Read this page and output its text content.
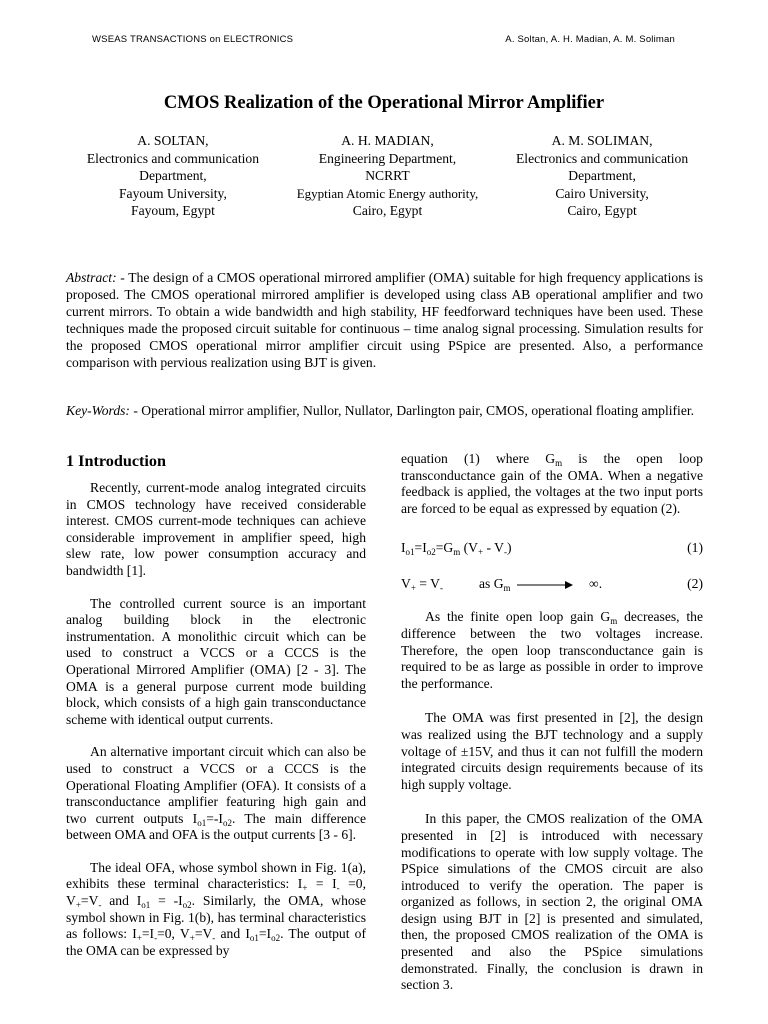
WSEAS TRANSACTIONS on ELECTRONICS	A. Soltan, A. H. Madian, A. M. Soliman
CMOS Realization of the Operational Mirror Amplifier
A. SOLTAN,
Electronics and communication
Department,
Fayoum University,
Fayoum, Egypt
A. H. MADIAN,
Engineering Department,
NCRRT
Egyptian Atomic Energy authority,
Cairo, Egypt
A. M. SOLIMAN,
Electronics and communication
Department,
Cairo University,
Cairo, Egypt
Abstract: - The design of a CMOS operational mirrored amplifier (OMA) suitable for high frequency applications is proposed. The CMOS operational mirrored amplifier is developed using class AB operational amplifier and two current mirrors. To obtain a wide bandwidth and high stability, HF feedforward techniques have been used. These techniques made the proposed circuit suitable for continuous – time analog signal processing. Simulation results for the proposed CMOS operational mirror amplifier circuit using PSpice are presented. Also, a performance comparison with pervious realization using BJT is given.
Key-Words: - Operational mirror amplifier, Nullor, Nullator, Darlington pair, CMOS, operational floating amplifier.
1 Introduction

Recently, current-mode analog integrated circuits in CMOS technology have received considerable interest. CMOS current-mode techniques can achieve considerable improvement in amplifier speed, high slew rate, low power consumption accuracy and bandwidth [1].

The controlled current source is an important analog building block in the electronic instrumentation. A monolithic circuit which can be used to construct a VCCS or a CCCS is the Operational Mirrored Amplifier (OMA) [2 - 3]. The OMA is a general purpose current mode building block, which consists of a high gain transconductance scheme with identical output currents.

An alternative important circuit which can also be used to construct a VCCS or a CCCS is the Operational Floating Amplifier (OFA). It consists of a transconductance amplifier featuring high gain and two current outputs $I_{o1}=-I_{o2}$. The main difference between OMA and OFA is the output currents [3 - 6].

The ideal OFA, whose symbol shown in Fig. 1(a), exhibits these terminal characteristics: $I_+ = I_- =0$, $V_+=V_-$ and $I_{o1} = -I_{o2}$. Similarly, the OMA, whose symbol shown in Fig. 1(b), has terminal characteristics as follows: $I_+=I_-=0$, $V_+=V_-$ and $I_{o1}=I_{o2}$. The output of the OMA can be expressed by

equation (1) where $G_m$ is the open loop transconductance gain of the OMA. When a negative feedback is applied, the voltages at the two input ports are forced to be equal as expressed by equation (2).

$I_{o1}=I_{o2}=G_m$ $(V_+ - V_-)$	(1)
$V_+ = V_-$	as $G_m$	∞.	(2)

As the finite open loop gain $G_m$ decreases, the difference between the two voltages increase. Therefore, the open loop transconductance gain is required to be as large as possible in order to improve the performance.

The OMA was first presented in [2], the design was realized using the BJT technology and a supply voltage of ±15V, and thus it can not fulfill the modern integrated circuits design requirements because of its high supply voltage.

In this paper, the CMOS realization of the OMA presented in [2] is introduced with necessary modifications to operate with low supply voltage. The PSpice simulations of the CMOS circuit are also introduced to verify the operation. The paper is organized as follows, in section 2, the original OMA design using BJT in [2] is presented and simulated, then, the proposed CMOS realization of the OMA is presented and also the PSpice simulations demonstrated. Finally, the conclusion is drawn in section 3.
